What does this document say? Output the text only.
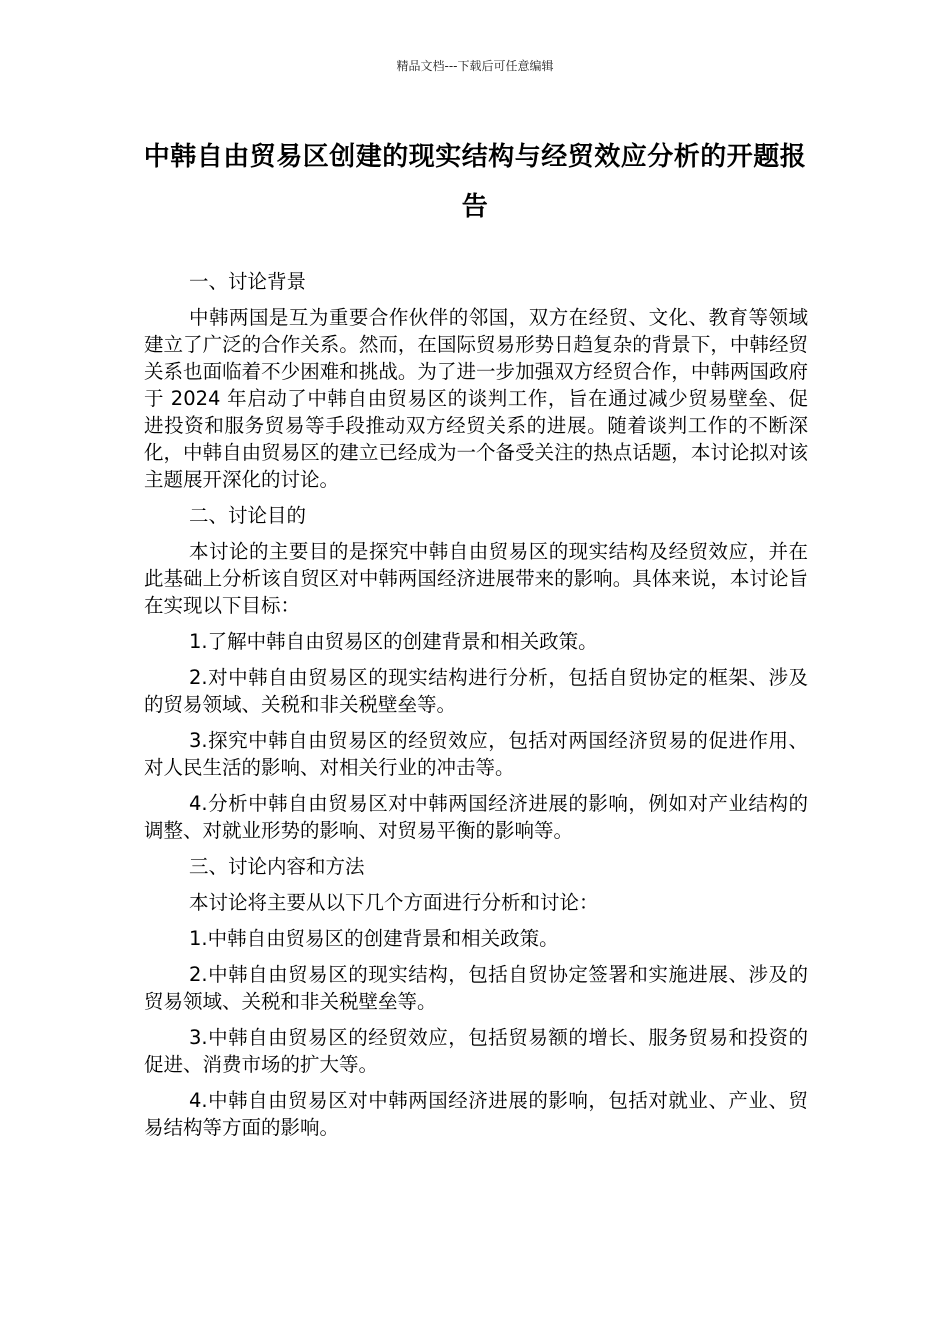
精品文档---下载后可任意编辑
中韩自由贸易区创建的现实结构与经贸效应分析的开题报告

一、讨论背景

中韩两国是互为重要合作伙伴的邻国，双方在经贸、文化、教育等领域建立了广泛的合作关系。然而，在国际贸易形势日趋复杂的背景下，中韩经贸关系也面临着不少困难和挑战。为了进一步加强双方经贸合作，中韩两国政府于 2024 年启动了中韩自由贸易区的谈判工作，旨在通过减少贸易壁垒、促进投资和服务贸易等手段推动双方经贸关系的进展。随着谈判工作的不断深化，中韩自由贸易区的建立已经成为一个备受关注的热点话题，本讨论拟对该主题展开深化的讨论。

二、讨论目的

本讨论的主要目的是探究中韩自由贸易区的现实结构及经贸效应，并在此基础上分析该自贸区对中韩两国经济进展带来的影响。具体来说，本讨论旨在实现以下目标：

1.了解中韩自由贸易区的创建背景和相关政策。

2.对中韩自由贸易区的现实结构进行分析，包括自贸协定的框架、涉及的贸易领域、关税和非关税壁垒等。

3.探究中韩自由贸易区的经贸效应，包括对两国经济贸易的促进作用、对人民生活的影响、对相关行业的冲击等。

4.分析中韩自由贸易区对中韩两国经济进展的影响，例如对产业结构的调整、对就业形势的影响、对贸易平衡的影响等。

三、讨论内容和方法

本讨论将主要从以下几个方面进行分析和讨论：

1.中韩自由贸易区的创建背景和相关政策。

2.中韩自由贸易区的现实结构，包括自贸协定签署和实施进展、涉及的贸易领域、关税和非关税壁垒等。

3.中韩自由贸易区的经贸效应，包括贸易额的增长、服务贸易和投资的促进、消费市场的扩大等。

4.中韩自由贸易区对中韩两国经济进展的影响，包括对就业、产业、贸易结构等方面的影响。
